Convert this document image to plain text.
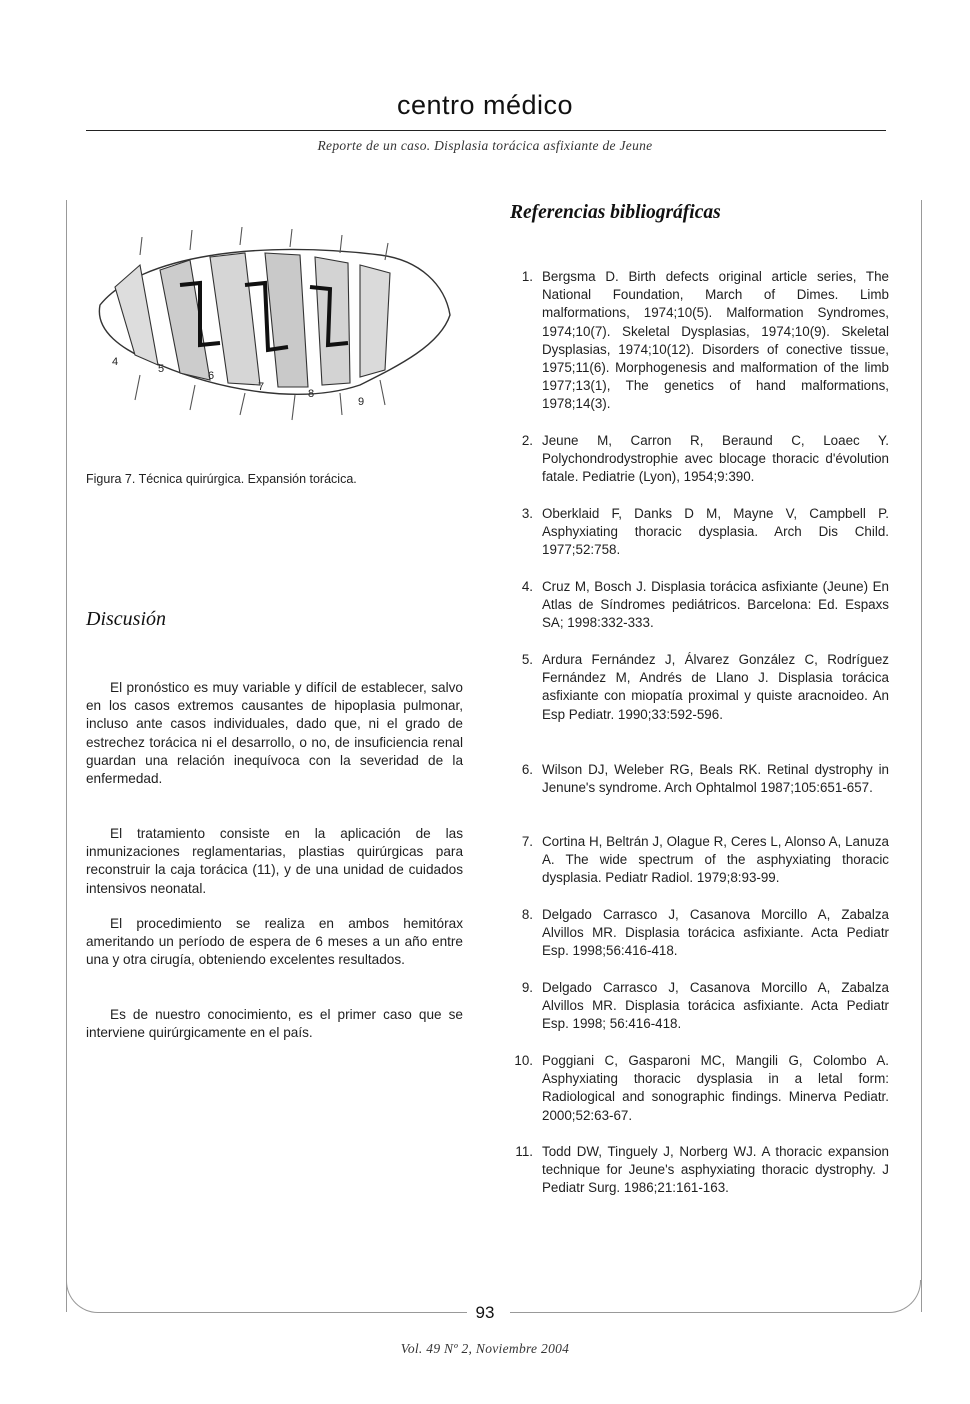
centro médico
Reporte de un caso. Displasia torácica asfixiante de Jeune
4
5
6
7
8
9
Figura 7. Técnica quirúrgica. Expansión torácica.
Discusión
El pronóstico es muy variable y difícil de establecer, salvo en los casos extremos causantes de hipoplasia pulmonar, incluso ante casos individuales, dado que, ni el grado de estrechez torácica ni el desarrollo, o no, de insuficiencia renal guardan una relación inequívoca con la severidad de la enfermedad.
El tratamiento consiste en la aplicación de las inmunizaciones reglamentarias, plastias quirúrgicas para reconstruir la caja torácica (11), y de una unidad de cuidados intensivos neonatal.
El procedimiento se realiza en ambos hemitórax ameritando un período de espera de 6 meses a un año entre una y otra cirugía, obteniendo excelentes resultados.
Es de nuestro conocimiento, es el primer caso que se interviene quirúrgicamente en el país.
Referencias bibliográficas
1. Bergsma D. Birth defects original article series, The National Foundation, March of Dimes. Limb malformations, 1974;10(5). Malformation Syndromes, 1974;10(7). Skeletal Dysplasias, 1974;10(9). Skeletal Dysplasias, 1974;10(12). Disorders of conective tissue, 1975;11(6). Morphogenesis and malformation of the limb 1977;13(1), The genetics of hand malformations, 1978;14(3).
2. Jeune M, Carron R, Beraund C, Loaec Y. Polychondrodystrophie avec blocage thoracic d'évolution fatale. Pediatrie (Lyon), 1954;9:390.
3. Oberklaid F, Danks D M, Mayne V, Campbell P. Asphyxiating thoracic dysplasia. Arch Dis Child. 1977;52:758.
4. Cruz M, Bosch J. Displasia torácica asfixiante (Jeune) En Atlas de Síndromes pediátricos. Barcelona: Ed. Espaxs SA; 1998:332-333.
5. Ardura Fernández J, Álvarez González C, Rodríguez Fernández M, Andrés de Llano J. Displasia torácica asfixiante con miopatía proximal y quiste aracnoideo. An Esp Pediatr. 1990;33:592-596.
6. Wilson DJ, Weleber RG, Beals RK. Retinal dystrophy in Jenune's syndrome. Arch Ophtalmol 1987;105:651-657.
7. Cortina H, Beltrán J, Olague R, Ceres L, Alonso A, Lanuza A. The wide spectrum of the asphyxiating thoracic dysplasia. Pediatr Radiol. 1979;8:93-99.
8. Delgado Carrasco J, Casanova Morcillo A, Zabalza Alvillos MR. Displasia torácica asfixiante. Acta Pediatr Esp. 1998;56:416-418.
9. Delgado Carrasco J, Casanova Morcillo A, Zabalza Alvillos MR. Displasia torácica asfixiante. Acta Pediatr Esp. 1998; 56:416-418.
10. Poggiani C, Gasparoni MC, Mangili G, Colombo A. Asphyxiating thoracic dysplasia in a letal form: Radiological and sonographic findings. Minerva Pediatr. 2000;52:63-67.
11. Todd DW, Tinguely J, Norberg WJ. A thoracic expansion technique for Jeune's asphyxiating thoracic dystrophy. J Pediatr Surg. 1986;21:161-163.
93
Vol. 49 Nº 2, Noviembre 2004
